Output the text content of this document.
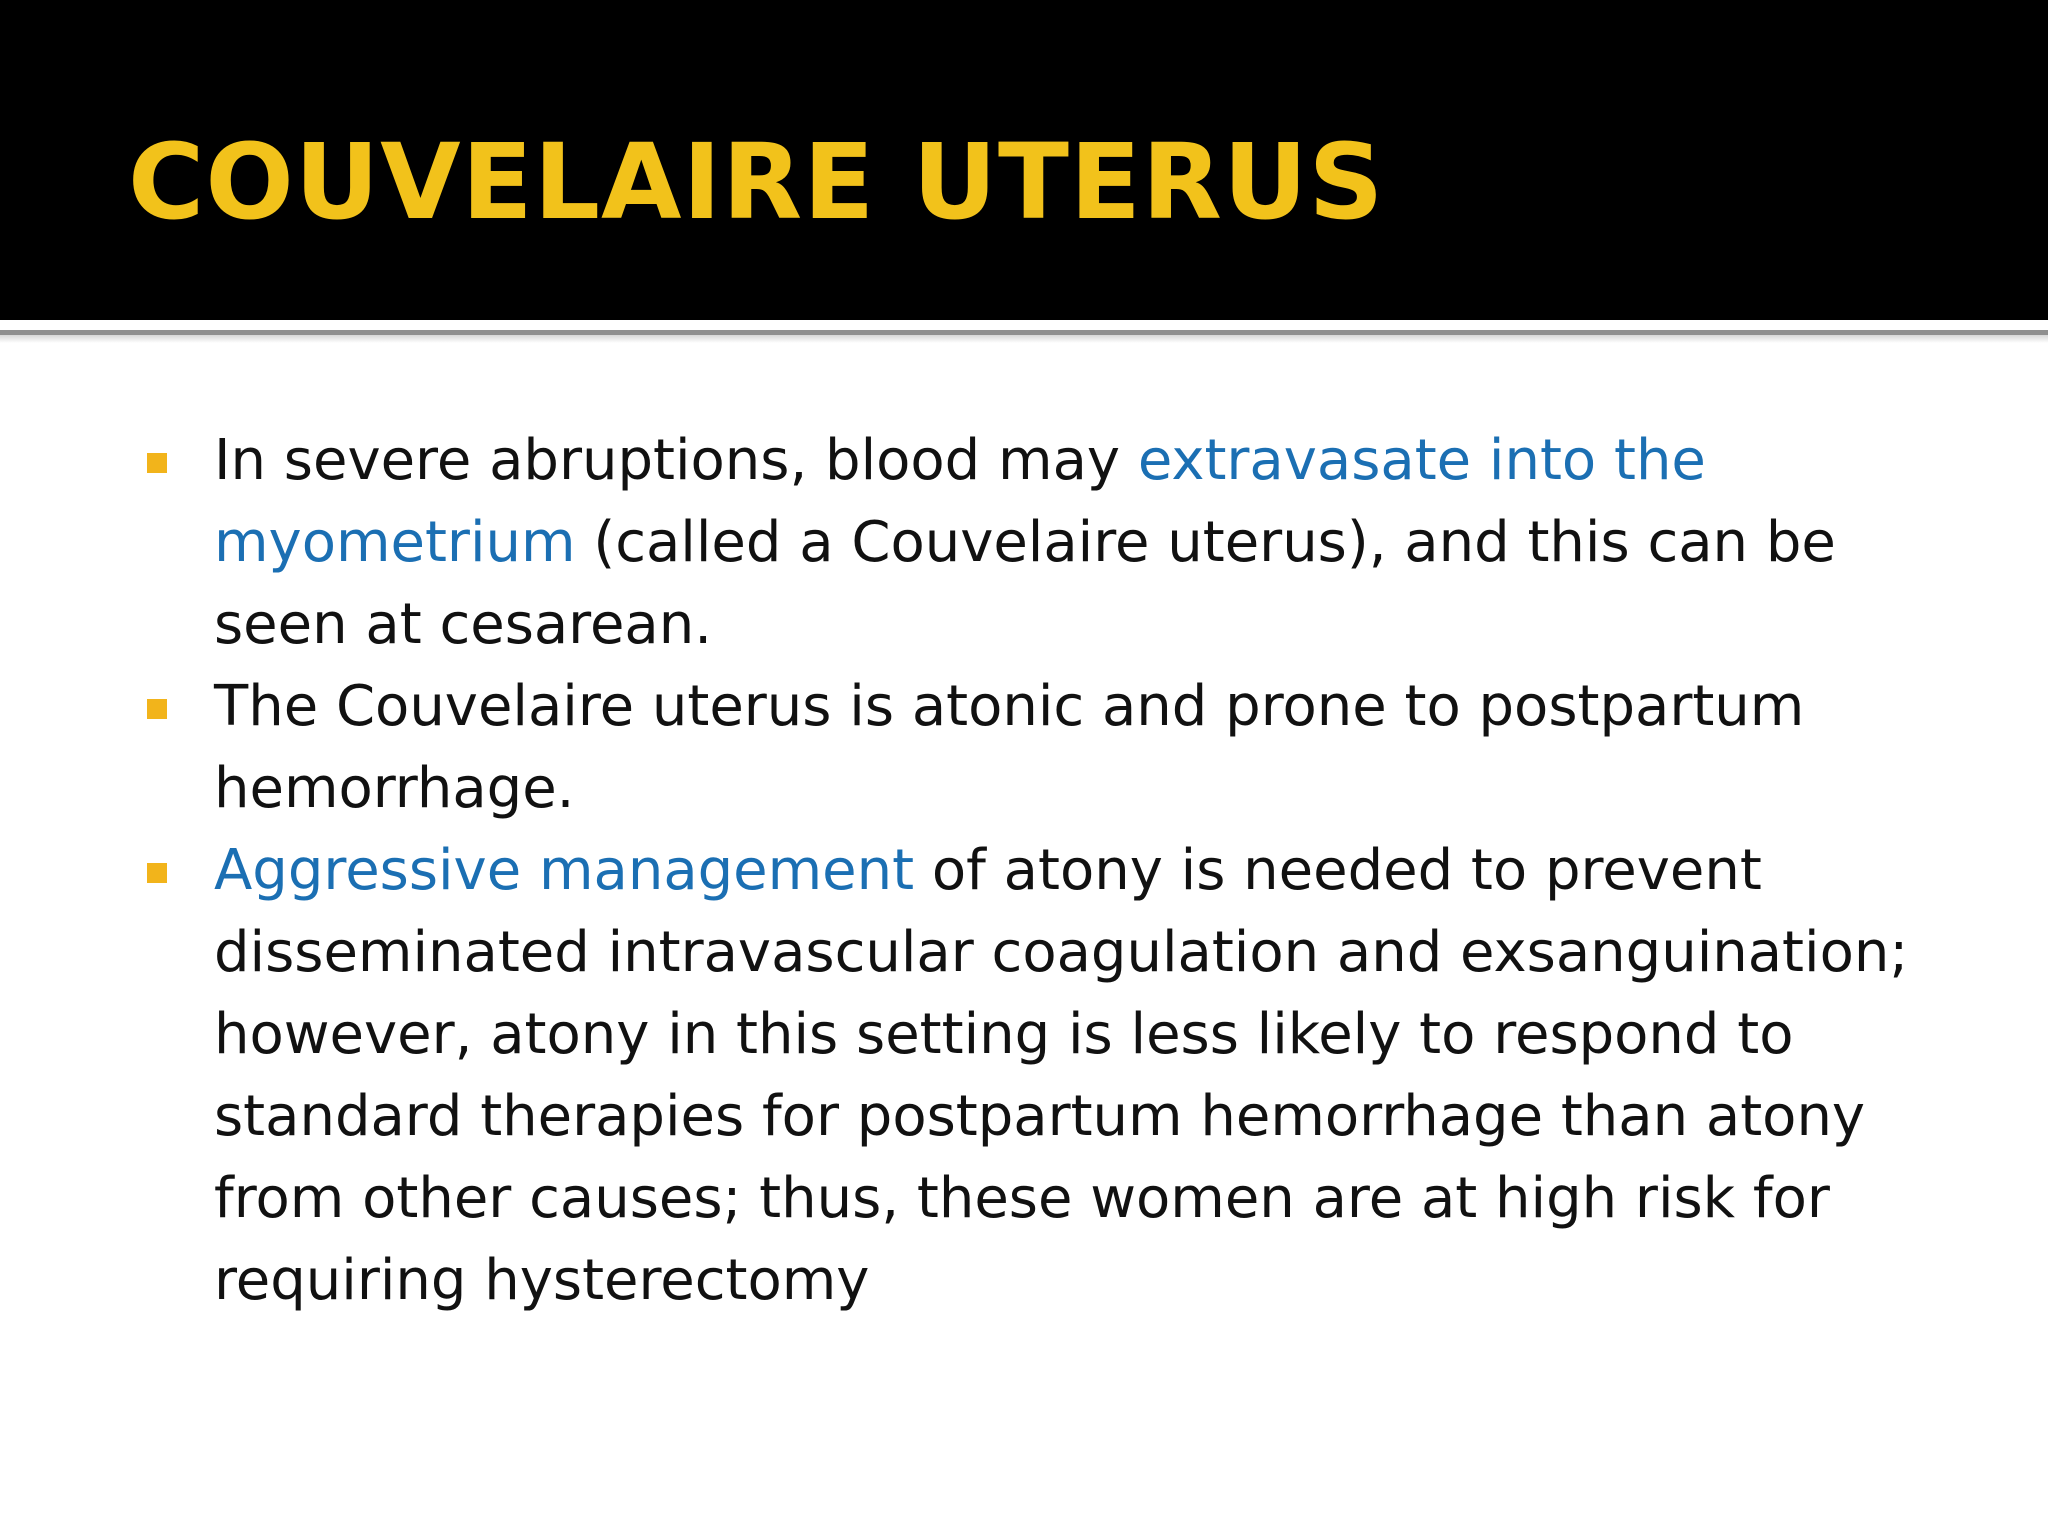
COUVELAIRE UTERUS

In severe abruptions, blood may extravasate into the myometrium (called a Couvelaire uterus), and this can be seen at cesarean.

The Couvelaire uterus is atonic and prone to postpartum hemorrhage.

Aggressive management of atony is needed to prevent disseminated intravascular coagulation and exsanguination; however, atony in this setting is less likely to respond to standard therapies for postpartum hemorrhage than atony from other causes; thus, these women are at high risk for requiring hysterectomy
